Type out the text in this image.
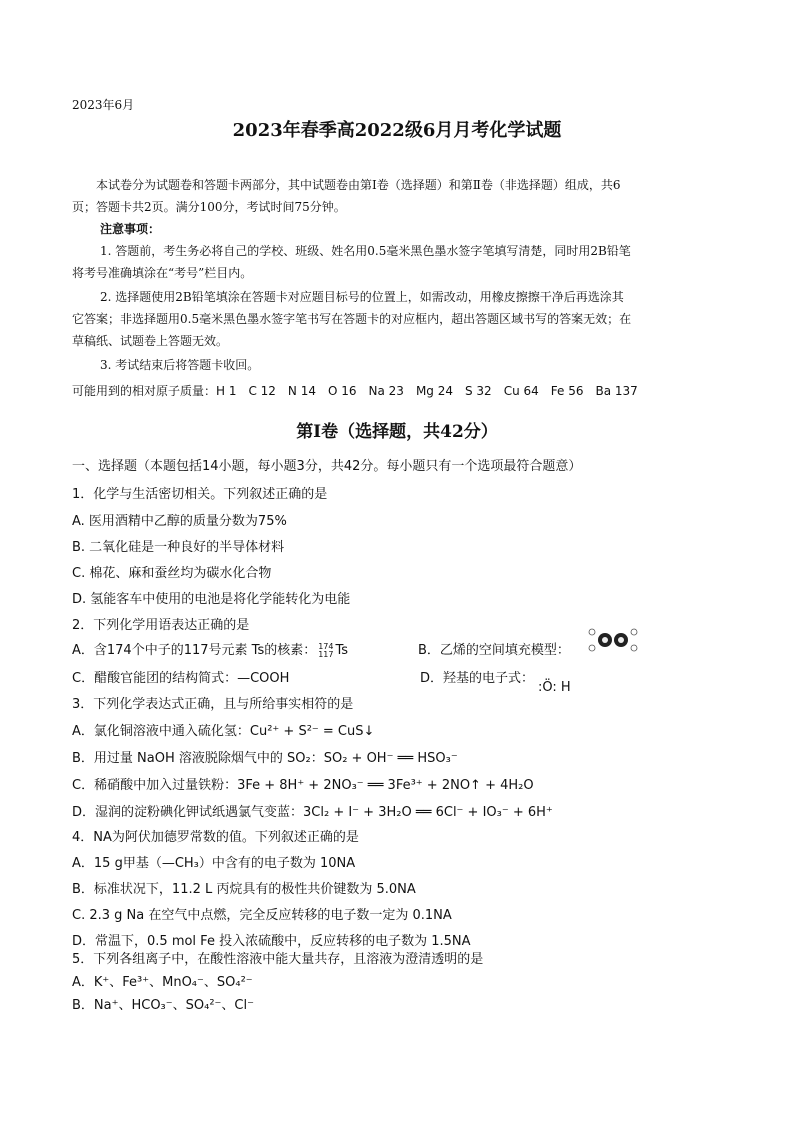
2023年6月
2023年春季高2022级6月月考化学试题
本试卷分为试题卷和答题卡两部分，其中试题卷由第Ⅰ卷（选择题）和第Ⅱ卷（非选择题）组成，共6
页；答题卡共2页。满分100分，考试时间75分钟。
注意事项：
1. 答题前，考生务必将自己的学校、班级、姓名用0.5毫米黑色墨水签字笔填写清楚，同时用2B铅笔
将考号准确填涂在“考号”栏目内。
2. 选择题使用2B铅笔填涂在答题卡对应题目标号的位置上，如需改动，用橡皮擦擦干净后再选涂其
它答案；非选择题用0.5毫米黑色墨水签字笔书写在答题卡的对应框内，超出答题区域书写的答案无效；在
草稿纸、试题卷上答题无效。
3. 考试结束后将答题卡收回。
可能用到的相对原子质量：H 1　C 12　N 14　O 16　Na 23　Mg 24　S 32　Cu 64　Fe 56　Ba 137
第Ⅰ卷（选择题，共42分）
一、选择题（本题包括14小题，每小题3分，共42分。每小题只有一个选项最符合题意）
1．化学与生活密切相关。下列叙述正确的是
A. 医用酒精中乙醇的质量分数为75%
B. 二氧化硅是一种良好的半导体材料
C. 棉花、麻和蚕丝均为碳水化合物
D. 氢能客车中使用的电池是将化学能转化为电能
2．下列化学用语表达正确的是
A．含174个中子的117号元素 Ts的核素： 174
117 Ts	B．乙烯的空间填充模型：
C．醋酸官能团的结构简式：—COOH	D．羟基的电子式：
:Ö: H
3．下列化学表达式正确，且与所给事实相符的是
A．氯化铜溶液中通入硫化氢：Cu²⁺ + S²⁻ = CuS↓
B．用过量 NaOH 溶液脱除烟气中的 SO₂：SO₂ + OH⁻ ══ HSO₃⁻
C．稀硝酸中加入过量铁粉：3Fe + 8H⁺ + 2NO₃⁻ ══ 3Fe³⁺ + 2NO↑ + 4H₂O
D．湿润的淀粉碘化钾试纸遇氯气变蓝：3Cl₂ + I⁻ + 3H₂O ══ 6Cl⁻ + IO₃⁻ + 6H⁺
4．NA为阿伏加德罗常数的值。下列叙述正确的是
A．15 g甲基（—CH₃）中含有的电子数为 10NA
B．标准状况下，11.2 L 丙烷具有的极性共价键数为 5.0NA
C. 2.3 g Na 在空气中点燃，完全反应转移的电子数一定为 0.1NA
D．常温下，0.5 mol Fe 投入浓硫酸中，反应转移的电子数为 1.5NA
5．下列各组离子中，在酸性溶液中能大量共存，且溶液为澄清透明的是
A．K⁺、Fe³⁺、MnO₄⁻、SO₄²⁻
B．Na⁺、HCO₃⁻、SO₄²⁻、Cl⁻
